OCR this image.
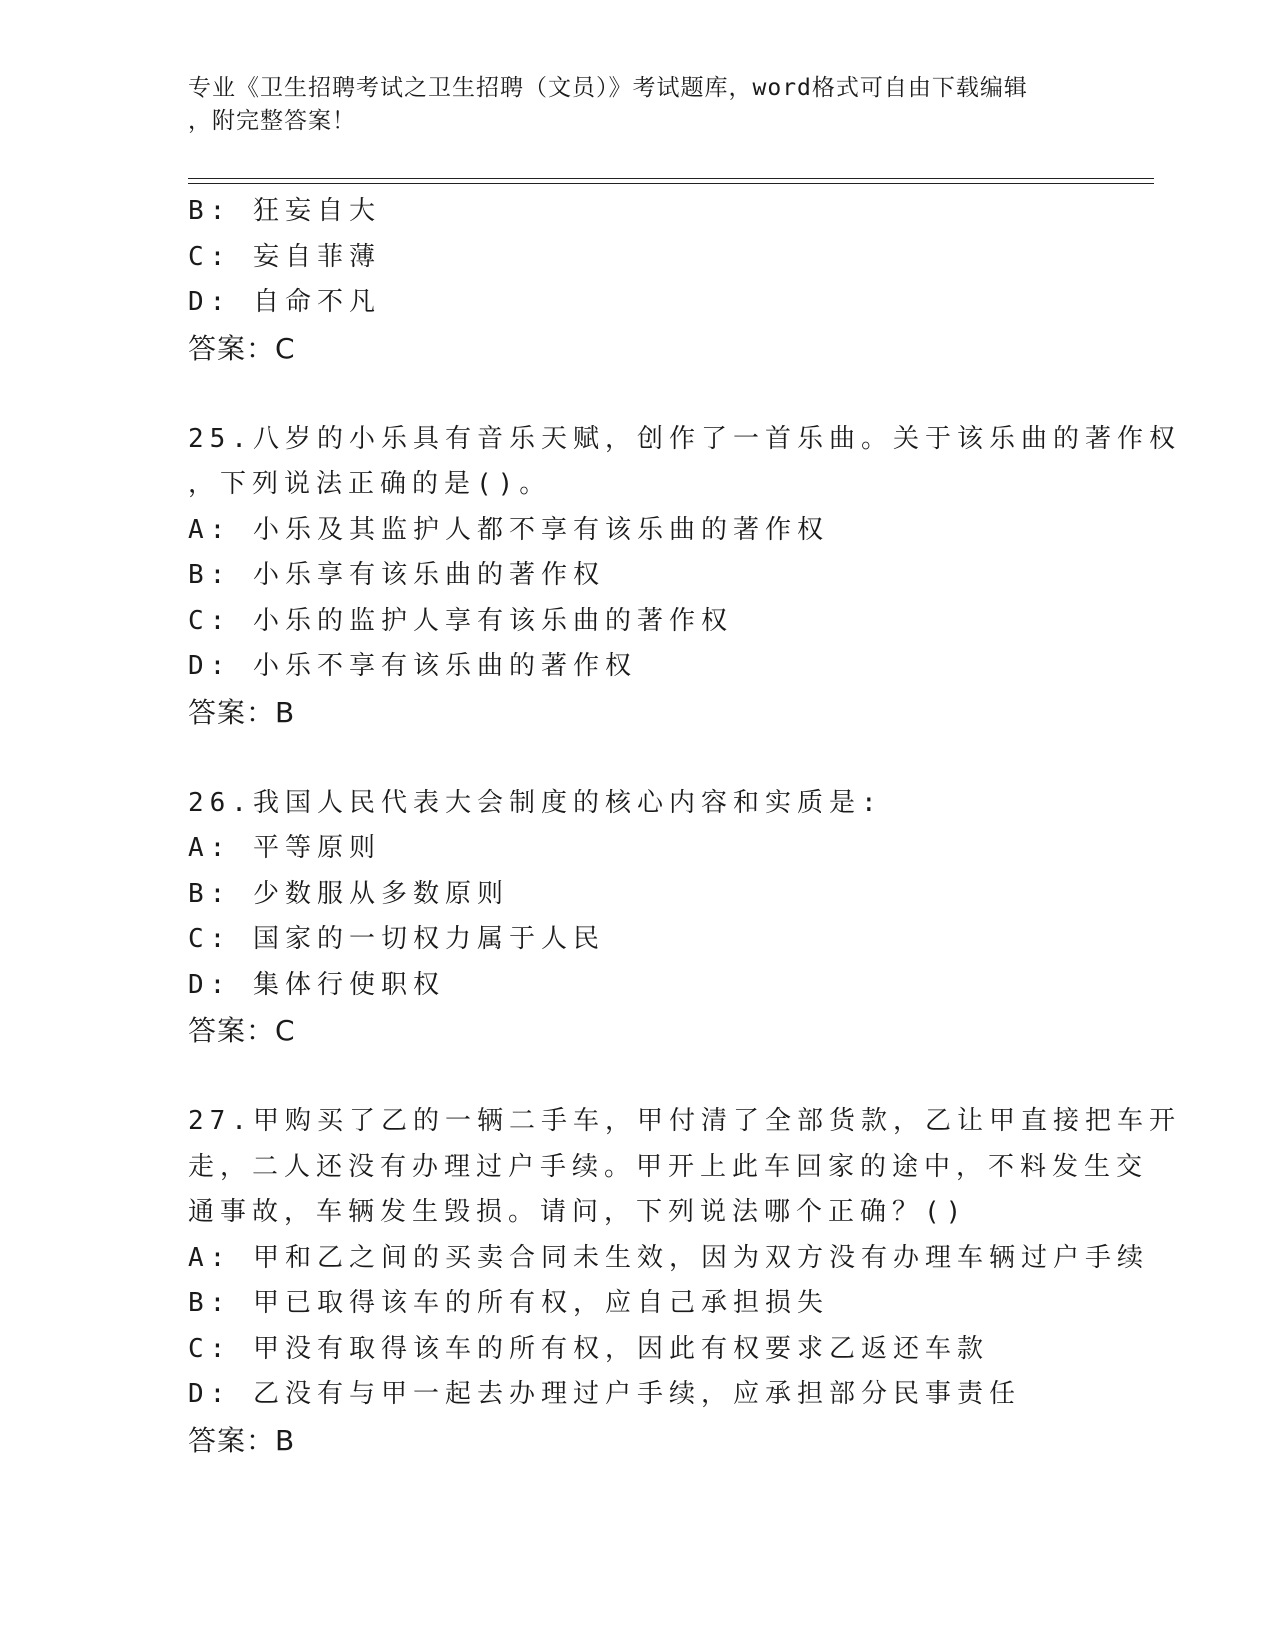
专业《卫生招聘考试之卫生招聘（文员）》考试题库，word格式可自由下载编辑
，附完整答案！
B: 狂妄自大
C: 妄自菲薄
D: 自命不凡
答案：C
25.八岁的小乐具有音乐天赋，创作了一首乐曲。关于该乐曲的著作权
，下列说法正确的是()。
A: 小乐及其监护人都不享有该乐曲的著作权
B: 小乐享有该乐曲的著作权
C: 小乐的监护人享有该乐曲的著作权
D: 小乐不享有该乐曲的著作权
答案：B
26.我国人民代表大会制度的核心内容和实质是:
A: 平等原则
B: 少数服从多数原则
C: 国家的一切权力属于人民
D: 集体行使职权
答案：C
27.甲购买了乙的一辆二手车，甲付清了全部货款，乙让甲直接把车开
走，二人还没有办理过户手续。甲开上此车回家的途中，不料发生交
通事故，车辆发生毁损。请问，下列说法哪个正确？()
A: 甲和乙之间的买卖合同未生效，因为双方没有办理车辆过户手续
B: 甲已取得该车的所有权，应自己承担损失
C: 甲没有取得该车的所有权，因此有权要求乙返还车款
D: 乙没有与甲一起去办理过户手续，应承担部分民事责任
答案：B
